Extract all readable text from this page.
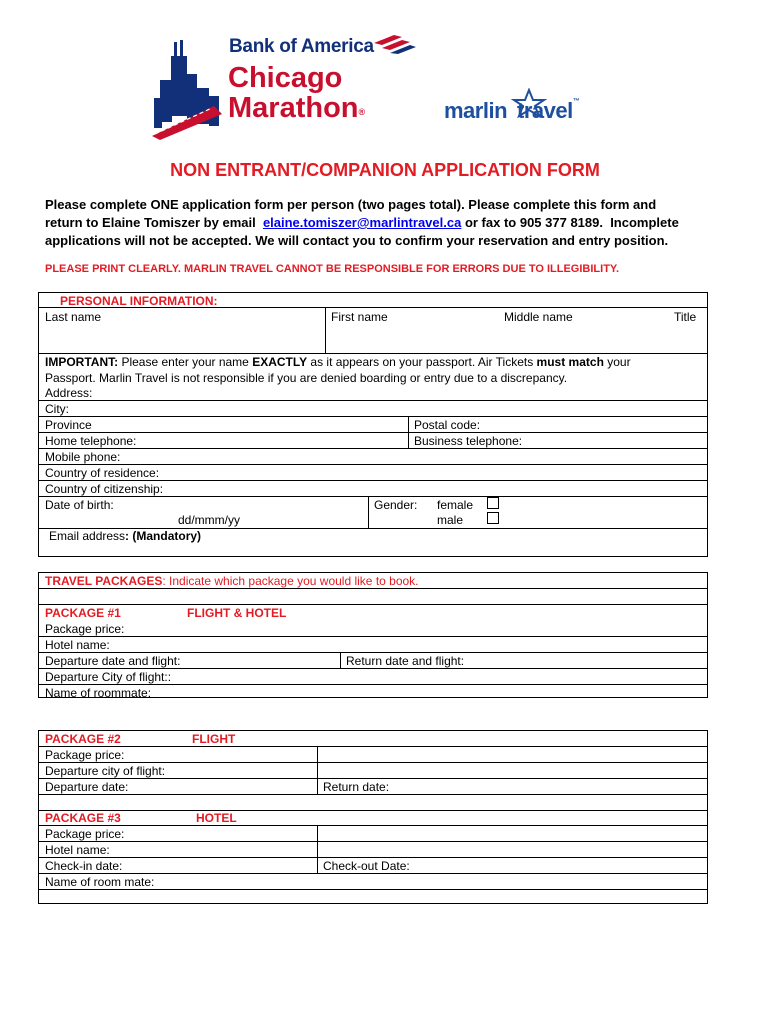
Bank of America
Chicago
Marathon®	marlin travel™
NON ENTRANT/COMPANION APPLICATION FORM
Please complete ONE application form per person (two pages total). Please complete this form and
return to Elaine Tomiszer by email  elaine.tomiszer@marlintravel.ca or fax to 905 377 8189.  Incomplete
applications will not be accepted. We will contact you to confirm your reservation and entry position.
PLEASE PRINT CLEARLY. MARLIN TRAVEL CANNOT BE RESPONSIBLE FOR ERRORS DUE TO ILLEGIBILITY.
PERSONAL INFORMATION:
Last name	First name	Middle name	Title
IMPORTANT: Please enter your name EXACTLY as it appears on your passport. Air Tickets must match your
Passport. Marlin Travel is not responsible if you are denied boarding or entry due to a discrepancy.
Address:
City:
Province	Postal code:
Home telephone:	Business telephone:
Mobile phone:
Country of residence:
Country of citizenship:
Date of birth:
dd/mmm/yy
Gender: female
male
Email address: (Mandatory)
TRAVEL PACKAGES: Indicate which package you would like to book.
PACKAGE #1	FLIGHT & HOTEL
Package price:
Hotel name:
Departure date and flight:	Return date and flight:
Departure City of flight::
Name of roommate:
PACKAGE #2	FLIGHT
Package price:
Departure city of flight:
Departure date:	Return date:
PACKAGE #3	HOTEL
Package price:
Hotel name:
Check-in date:	Check-out Date:
Name of room mate:
